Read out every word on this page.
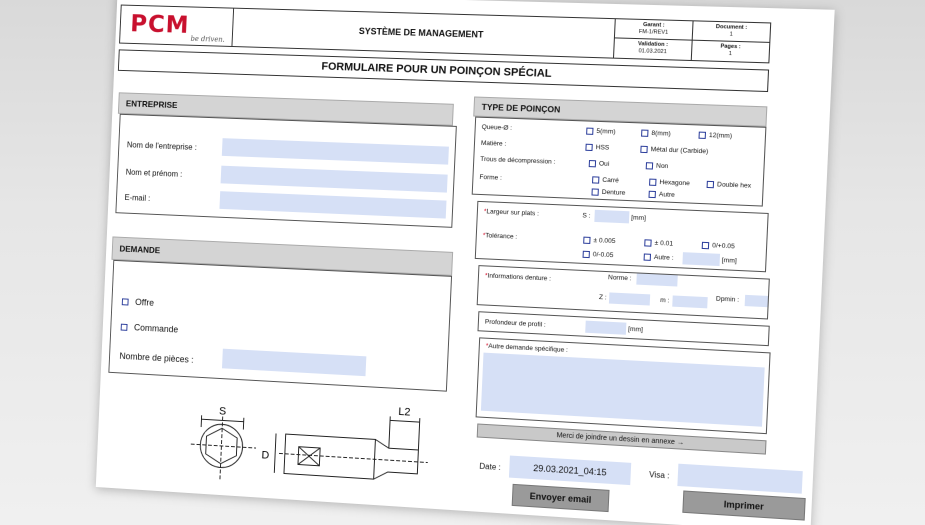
PCM
be driven.	SYSTÈME DE MANAGEMENT
Garant :
FM-1/REV1
Document :
1
Validation :
01.03.2021
Pages :
1
FORMULAIRE POUR UN POINÇON SPÉCIAL
ENTREPRISE
Nom de l'entreprise :
Nom et prénom :
E-mail :
DEMANDE
Offre
Commande
Nombre de pièces :
S	L2
D
TYPE DE POINÇON
Queue-Ø :	5(mm)	8(mm)	12(mm)
Matière :
HSS	Métal dur (Carbide)
Trous de décompression :	Oui	Non
Forme :	Carré	Hexagone	Double hex
Denture	Autre
*Largeur sur plats :	S :	[mm]
*Tolérance :
± 0.005	± 0.01	0/+0.05
0/-0.05	Autre :	[mm]
*Informations denture :	Norme :
Z :	m :	Dpmin :
Profondeur de profil :
[mm]
*Autre demande spécifique :
Merci de joindre un dessin en annexe →
Date :	29.03.2021_04:15	Visa :
Envoyer email
Imprimer
